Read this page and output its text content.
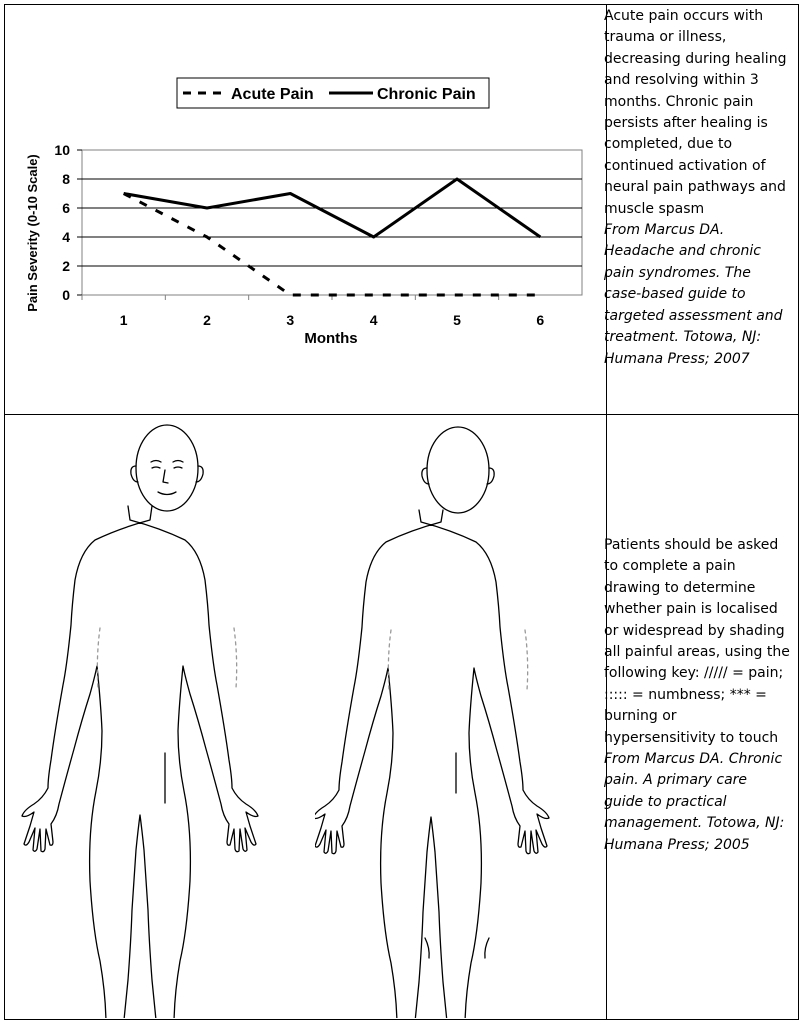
Acute Pain	Chronic Pain
0
2
4
6
8
10
1	2	3	4	5	6
Months
Pain Severity (0-10 Scale)

Acute pain occurs with trauma or illness, decreasing during healing and resolving within 3 months. Chronic pain persists after healing is completed, due to continued activation of neural pain pathways and muscle spasm

From Marcus DA. Headache and chronic pain syndromes. The case-based guide to targeted assessment and treatment. Totowa, NJ: Humana Press; 2007

Patients should be asked to complete a pain drawing to determine whether pain is localised or widespread by shading all painful areas, using the following key: ///// = pain; ::::: = numbness; *** = burning or hypersensitivity to touch

From Marcus DA. Chronic pain. A primary care guide to practical management. Totowa, NJ: Humana Press; 2005
